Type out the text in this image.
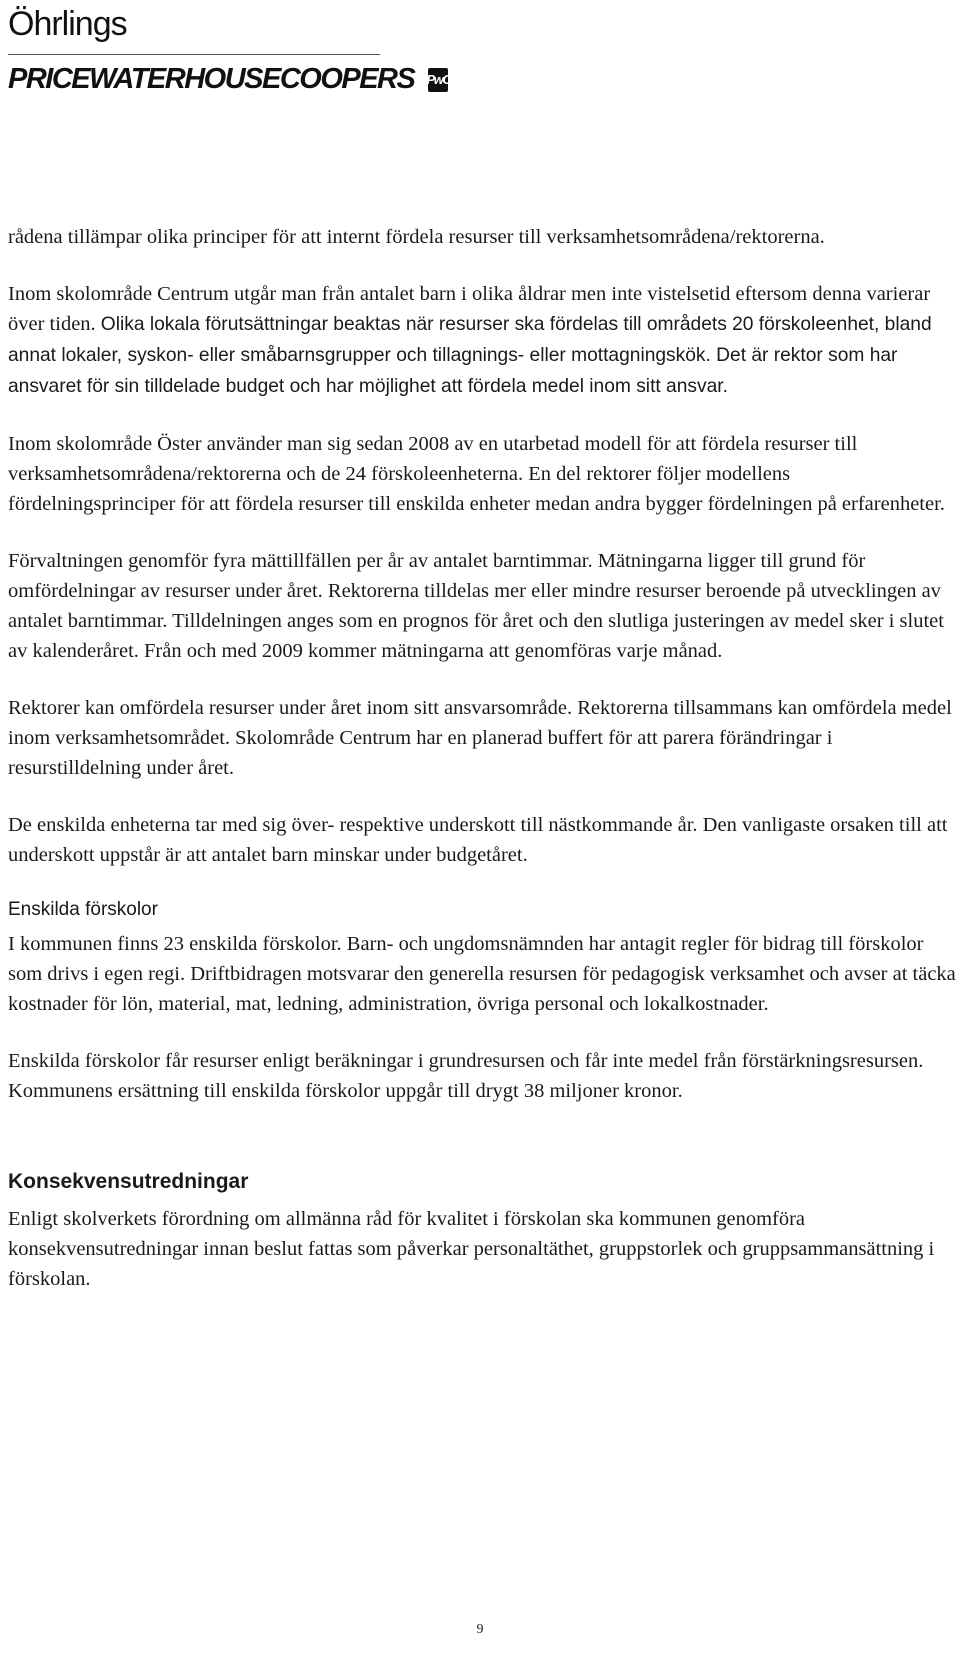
Öhrlings
PRICEWATERHOUSECOOPERS PwC

rådena tillämpar olika principer för att internt fördela resurser till verksamhetsområdena/rektorerna.

Inom skolområde Centrum utgår man från antalet barn i olika åldrar men inte vistelsetid eftersom denna varierar över tiden. Olika lokala förutsättningar beaktas när resurser ska fördelas till områdets 20 förskoleenhet, bland annat lokaler, syskon- eller småbarnsgrupper och tillagnings- eller mottagningskök. Det är rektor som har ansvaret för sin tilldelade budget och har möjlighet att fördela medel inom sitt ansvar.

Inom skolområde Öster använder man sig sedan 2008 av en utarbetad modell för att fördela resurser till verksamhetsområdena/rektorerna och de 24 förskoleenheterna. En del rektorer följer modellens fördelningsprinciper för att fördela resurser till enskilda enheter medan andra bygger fördelningen på erfarenheter.

Förvaltningen genomför fyra mättillfällen per år av antalet barntimmar. Mätningarna ligger till grund för omfördelningar av resurser under året. Rektorerna tilldelas mer eller mindre resurser beroende på utvecklingen av antalet barntimmar. Tilldelningen anges som en prognos för året och den slutliga justeringen av medel sker i slutet av kalenderåret. Från och med 2009 kommer mätningarna att genomföras varje månad.

Rektorer kan omfördela resurser under året inom sitt ansvarsområde. Rektorerna tillsammans kan omfördela medel inom verksamhetsområdet. Skolområde Centrum har en planerad buffert för att parera förändringar i resurstilldelning under året.

De enskilda enheterna tar med sig över- respektive underskott till nästkommande år. Den vanligaste orsaken till att underskott uppstår är att antalet barn minskar under budgetåret.

Enskilda förskolor

I kommunen finns 23 enskilda förskolor. Barn- och ungdomsnämnden har antagit regler för bidrag till förskolor som drivs i egen regi. Driftbidragen motsvarar den generella resursen för pedagogisk verksamhet och avser at täcka kostnader för lön, material, mat, ledning, administration, övriga personal och lokalkostnader.

Enskilda förskolor får resurser enligt beräkningar i grundresursen och får inte medel från förstärkningsresursen. Kommunens ersättning till enskilda förskolor uppgår till drygt 38 miljoner kronor.

Konsekvensutredningar

Enligt skolverkets förordning om allmänna råd för kvalitet i förskolan ska kommunen genomföra konsekvensutredningar innan beslut fattas som påverkar personaltäthet, gruppstorlek och gruppsammansättning i förskolan.

9
